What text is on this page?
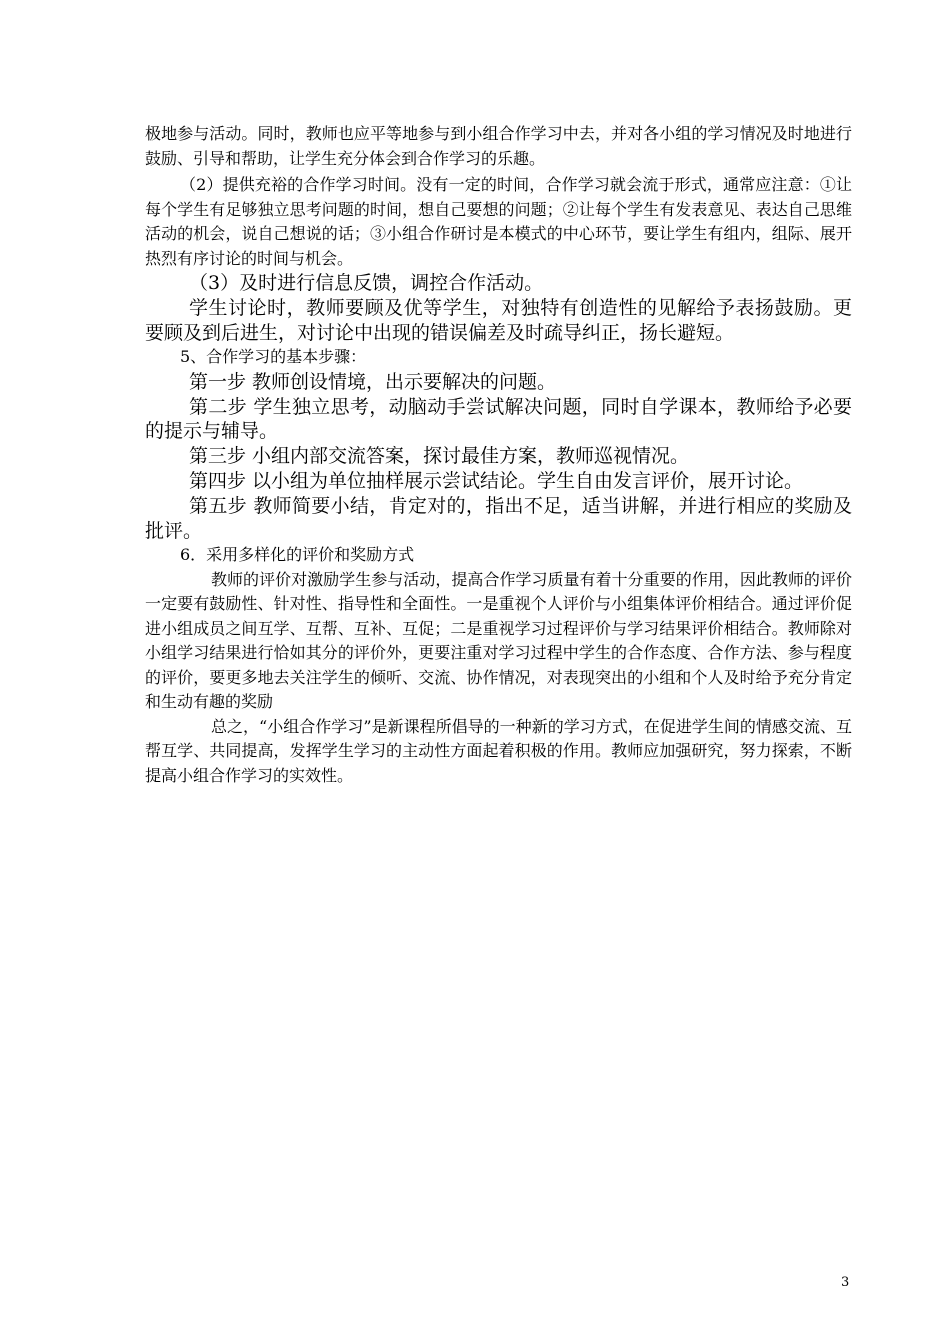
极地参与活动。同时，教师也应平等地参与到小组合作学习中去，并对各小组的学习情况及时地进行鼓励、引导和帮助，让学生充分体会到合作学习的乐趣。

（2）提供充裕的合作学习时间。没有一定的时间，合作学习就会流于形式，通常应注意：①让每个学生有足够独立思考问题的时间，想自己要想的问题；②让每个学生有发表意见、表达自己思维活动的机会，说自己想说的话；③小组合作研讨是本模式的中心环节，要让学生有组内，组际、展开热烈有序讨论的时间与机会。

（3）及时进行信息反馈，调控合作活动。

学生讨论时，教师要顾及优等学生，对独特有创造性的见解给予表扬鼓励。更要顾及到后进生，对讨论中出现的错误偏差及时疏导纠正，扬长避短。

5、合作学习的基本步骤：

第一步 教师创设情境，出示要解决的问题。

第二步 学生独立思考，动脑动手尝试解决问题，同时自学课本，教师给予必要的提示与辅导。

第三步 小组内部交流答案，探讨最佳方案，教师巡视情况。

第四步 以小组为单位抽样展示尝试结论。学生自由发言评价，展开讨论。

第五步 教师简要小结，肯定对的，指出不足，适当讲解，并进行相应的奖励及批评。

6．采用多样化的评价和奖励方式

教师的评价对激励学生参与活动，提高合作学习质量有着十分重要的作用，因此教师的评价一定要有鼓励性、针对性、指导性和全面性。一是重视个人评价与小组集体评价相结合。通过评价促进小组成员之间互学、互帮、互补、互促；二是重视学习过程评价与学习结果评价相结合。教师除对小组学习结果进行恰如其分的评价外，更要注重对学习过程中学生的合作态度、合作方法、参与程度的评价，要更多地去关注学生的倾听、交流、协作情况，对表现突出的小组和个人及时给予充分肯定和生动有趣的奖励

总之，“小组合作学习”是新课程所倡导的一种新的学习方式，在促进学生间的情感交流、互帮互学、共同提高，发挥学生学习的主动性方面起着积极的作用。教师应加强研究，努力探索，不断提高小组合作学习的实效性。

3
